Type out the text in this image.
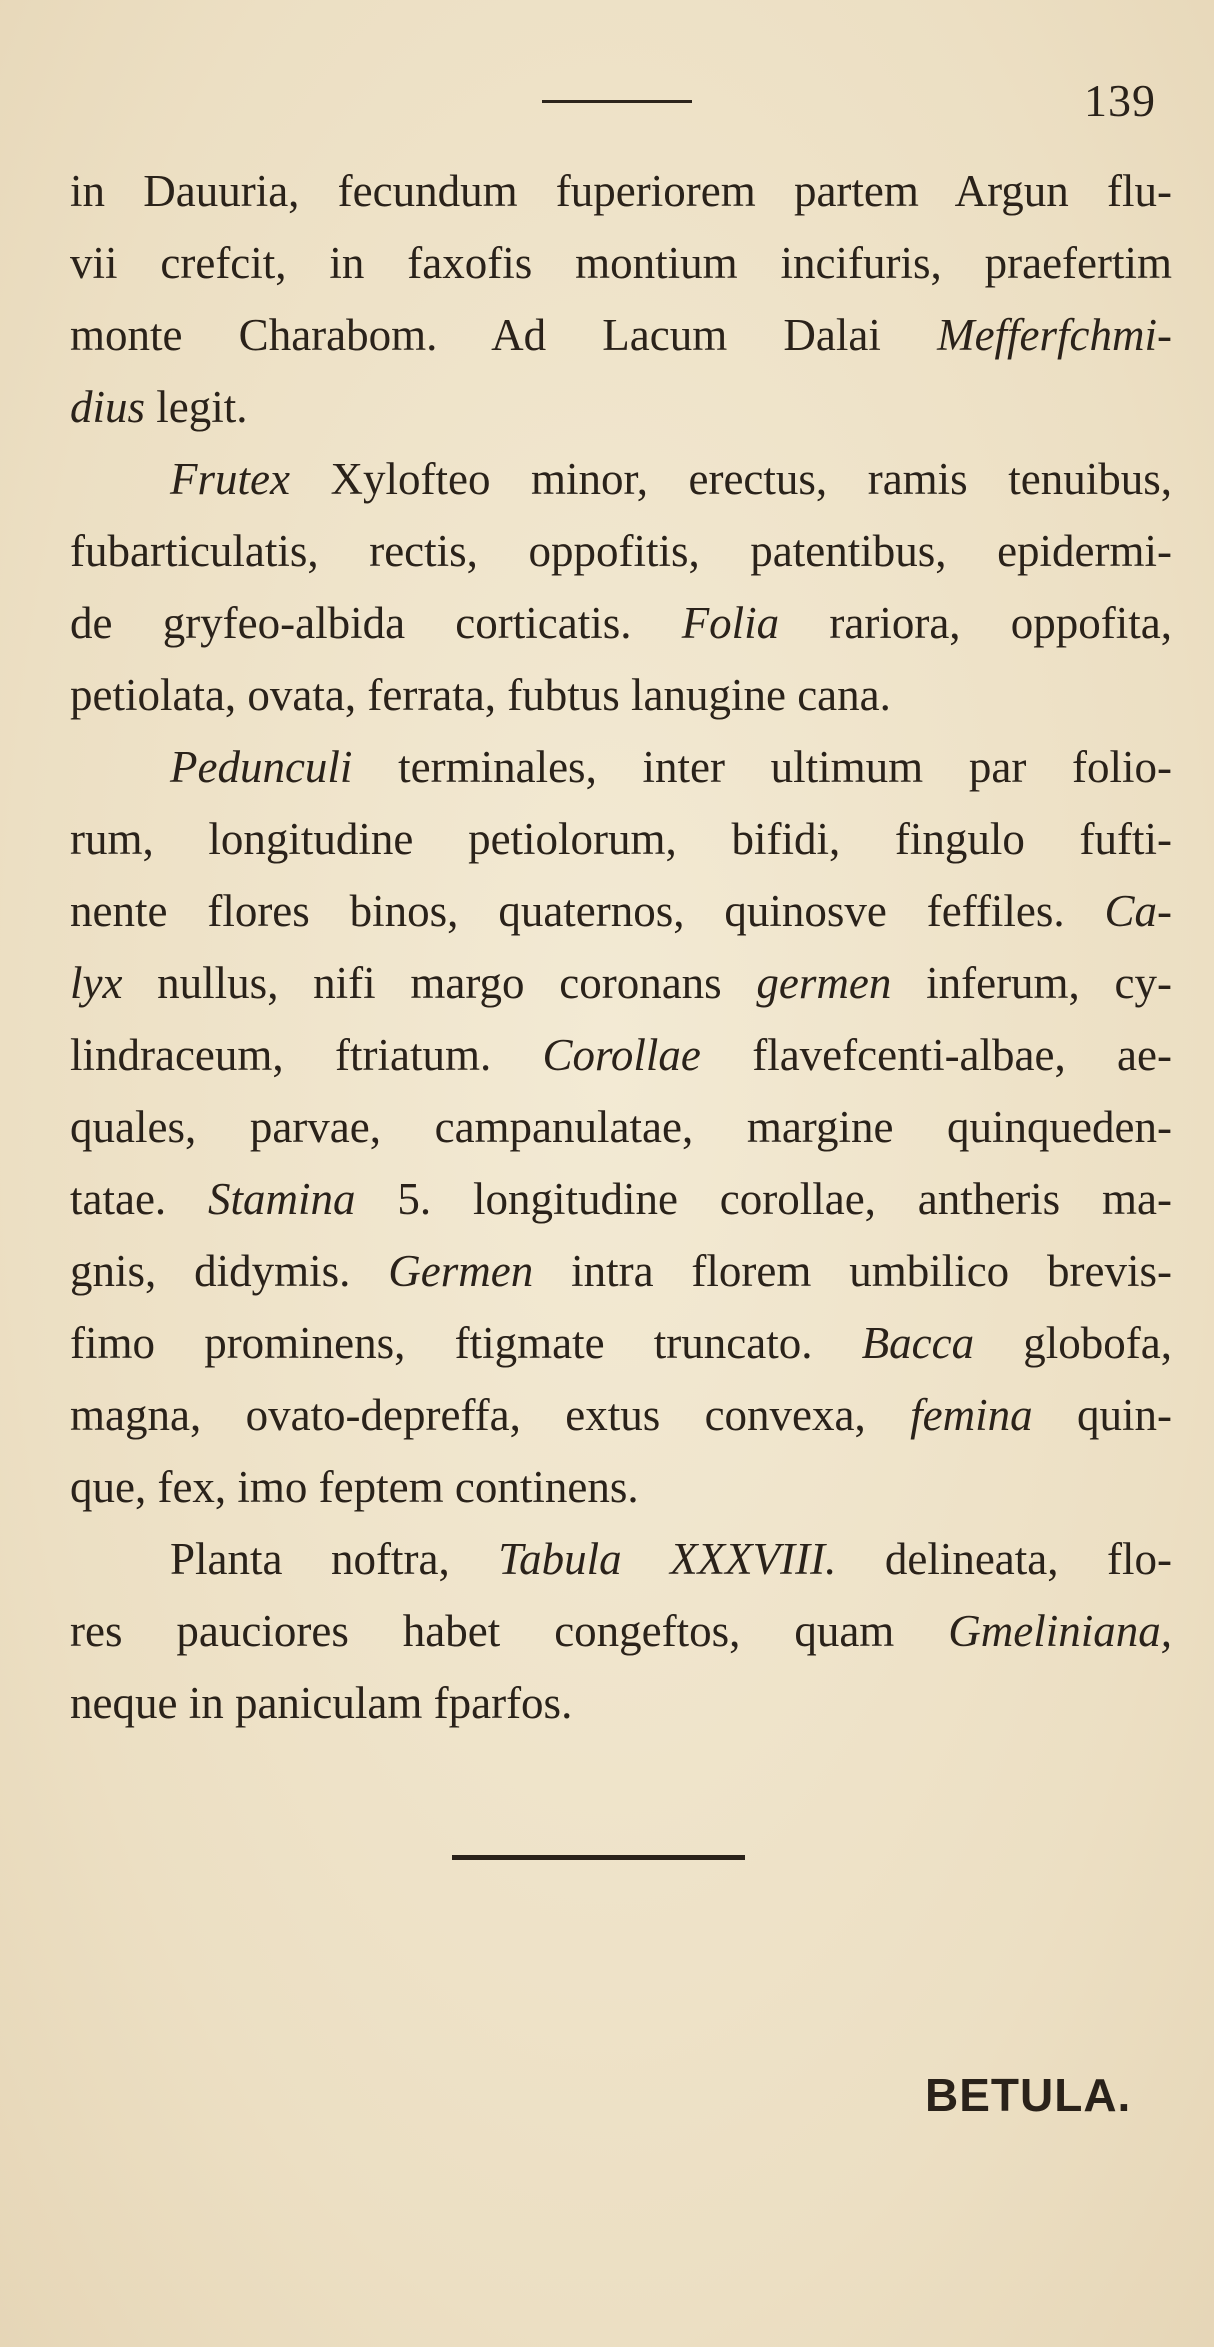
139
in Dauuria, fecundum fuperiorem partem Argun flu-
vii crefcit, in faxofis montium incifuris, praefertim
monte Charabom. Ad Lacum Dalai Mefferfchmi-
dius legit.
Frutex Xylofteo minor, erectus, ramis tenuibus,
fubarticulatis, rectis, oppofitis, patentibus, epidermi-
de gryfeo-albida corticatis. Folia rariora, oppofita,
petiolata, ovata, ferrata, fubtus lanugine cana.
Pedunculi terminales, inter ultimum par folio-
rum, longitudine petiolorum, bifidi, fingulo fufti-
nente flores binos, quaternos, quinosve feffiles. Ca-
lyx nullus, nifi margo coronans germen inferum, cy-
lindraceum, ftriatum. Corollae flavefcenti-albae, ae-
quales, parvae, campanulatae, margine quinqueden-
tatae. Stamina 5. longitudine corollae, antheris ma-
gnis, didymis. Germen intra florem umbilico brevis-
fimo prominens, ftigmate truncato. Bacca globofa,
magna, ovato-depreffa, extus convexa, femina quin-
que, fex, imo feptem continens.
Planta noftra, Tabula XXXVIII. delineata, flo-
res pauciores habet congeftos, quam Gmeliniana,
neque in paniculam fparfos.
BETULA.
